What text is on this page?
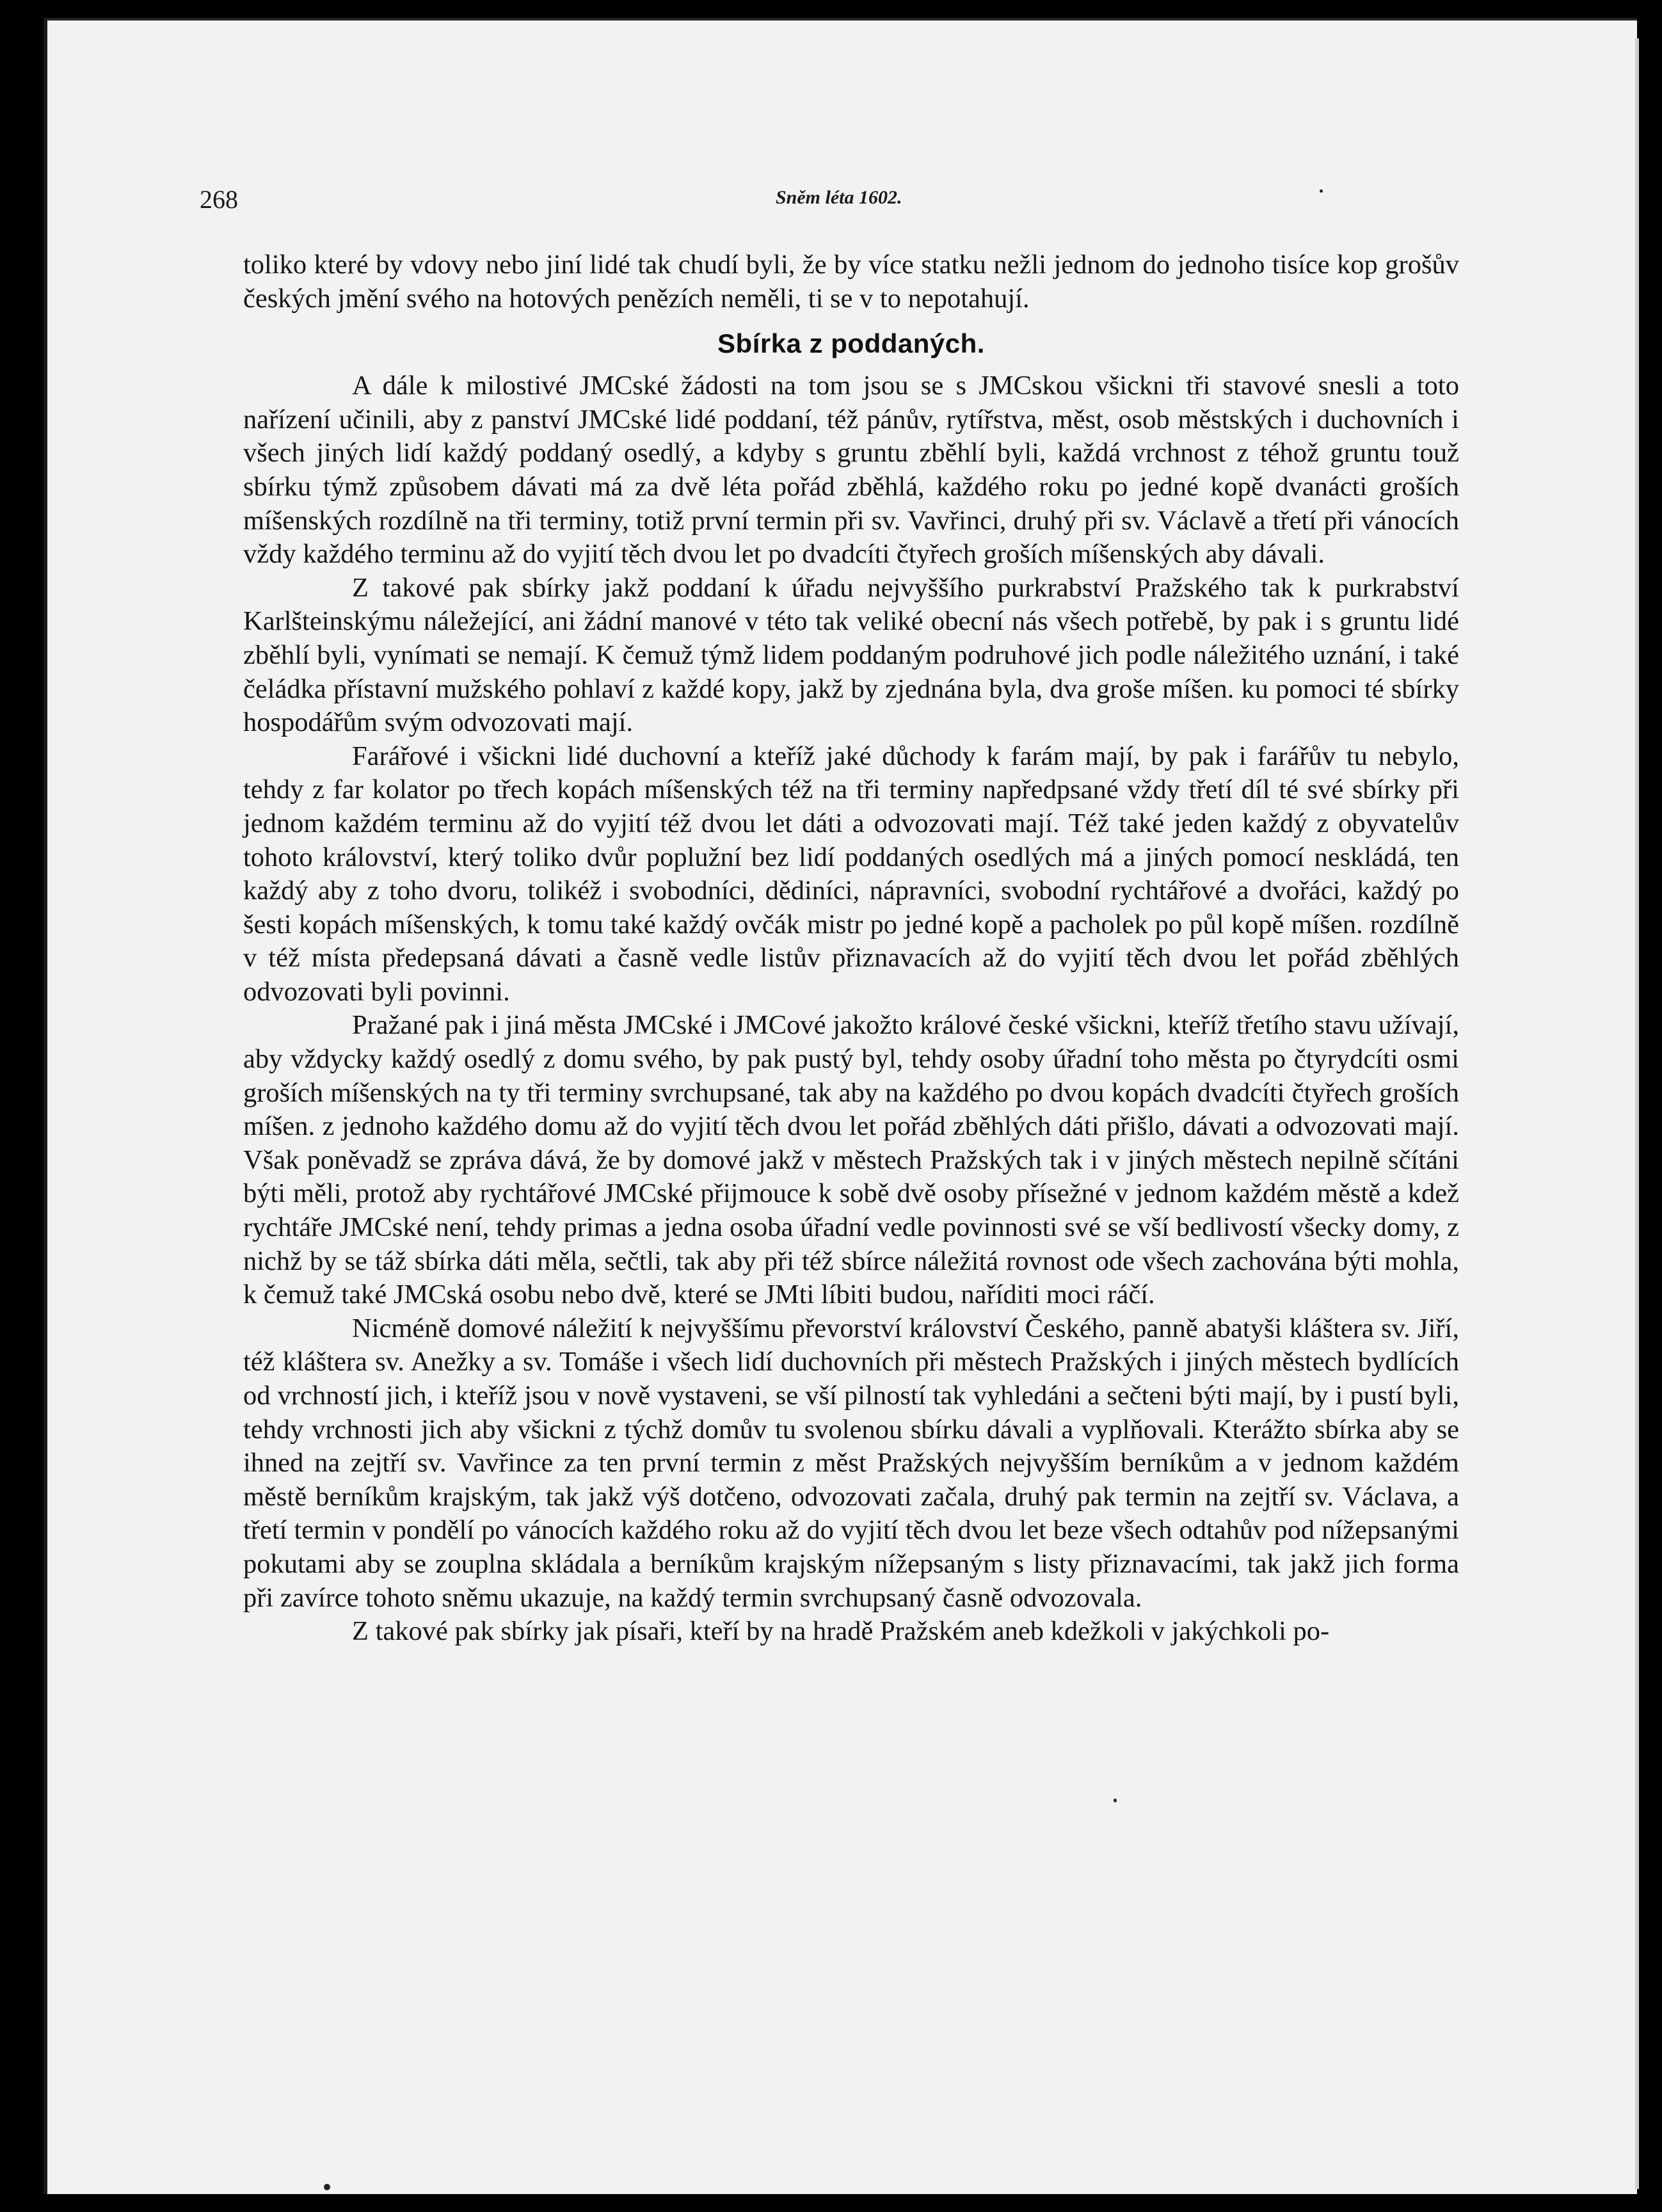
268	Sněm léta 1602.

toliko které by vdovy nebo jiní lidé tak chudí byli, že by více statku nežli jednom do jednoho tisíce kop grošův českých jmění svého na hotových penězích neměli, ti se v to nepotahují.

Sbírka z poddaných.

A dále k milostivé JMCské žádosti na tom jsou se s JMCskou všickni tři stavové snesli a toto nařízení učinili, aby z panství JMCské lidé poddaní, též pánův, rytířstva, měst, osob městských i duchovních i všech jiných lidí každý poddaný osedlý, a kdyby s gruntu zběhlí byli, každá vrchnost z téhož gruntu touž sbírku týmž způsobem dávati má za dvě léta pořád zběhlá, každého roku po jedné kopě dvanácti groších míšenských rozdílně na tři terminy, totiž první termin při sv. Vavřinci, druhý při sv. Václavě a třetí při vánocích vždy každého terminu až do vyjití těch dvou let po dvadcíti čtyřech groších míšenských aby dávali.

Z takové pak sbírky jakž poddaní k úřadu nejvyššího purkrabství Pražského tak k purkrabství Karlšteinskýmu náležející, ani žádní manové v této tak veliké obecní nás všech potřebě, by pak i s gruntu lidé zběhlí byli, vynímati se nemají. K čemuž týmž lidem poddaným podruhové jich podle náležitého uznání, i také čeládka přístavní mužského pohlaví z každé kopy, jakž by zjednána byla, dva groše míšen. ku pomoci té sbírky hospodářům svým odvozovati mají.

Farářové i všickni lidé duchovní a kteříž jaké důchody k farám mají, by pak i farářův tu nebylo, tehdy z far kolator po třech kopách míšenských též na tři terminy napředpsané vždy třetí díl té své sbírky při jednom každém terminu až do vyjití též dvou let dáti a odvozovati mají. Též také jeden každý z obyvatelův tohoto království, který toliko dvůr poplužní bez lidí poddaných osedlých má a jiných pomocí neskládá, ten každý aby z toho dvoru, tolikéž i svobodníci, dědiníci, nápravníci, svobodní rychtářové a dvořáci, každý po šesti kopách míšenských, k tomu také každý ovčák mistr po jedné kopě a pacholek po půl kopě míšen. rozdílně v též místa předepsaná dávati a časně vedle listův přiznavacích až do vyjití těch dvou let pořád zběhlých odvozovati byli povinni.

Pražané pak i jiná města JMCské i JMCové jakožto králové české všickni, kteříž třetího stavu užívají, aby vždycky každý osedlý z domu svého, by pak pustý byl, tehdy osoby úřadní toho města po čtyrydcíti osmi groších míšenských na ty tři terminy svrchupsané, tak aby na každého po dvou kopách dvadcíti čtyřech groších míšen. z jednoho každého domu až do vyjití těch dvou let pořád zběhlých dáti přišlo, dávati a odvozovati mají. Však poněvadž se zpráva dává, že by domové jakž v městech Pražských tak i v jiných městech nepilně sčítáni býti měli, protož aby rychtářové JMCské přijmouce k sobě dvě osoby přísežné v jednom každém městě a kdež rychtáře JMCské není, tehdy primas a jedna osoba úřadní vedle povinnosti své se vší bedlivostí všecky domy, z nichž by se táž sbírka dáti měla, sečtli, tak aby při též sbírce náležitá rovnost ode všech zachována býti mohla, k čemuž také JMCská osobu nebo dvě, které se JMti líbiti budou, naříditi moci ráčí.

Nicméně domové náležití k nejvyššímu převorství království Českého, panně abatyši kláštera sv. Jiří, též kláštera sv. Anežky a sv. Tomáše i všech lidí duchovních při městech Pražských i jiných městech bydlících od vrchností jich, i kteříž jsou v nově vystaveni, se vší pilností tak vyhledáni a sečteni býti mají, by i pustí byli, tehdy vrchnosti jich aby všickni z týchž domův tu svolenou sbírku dávali a vyplňovali. Kterážto sbírka aby se ihned na zejtří sv. Vavřince za ten první termin z měst Pražských nejvyšším berníkům a v jednom každém městě berníkům krajským, tak jakž výš dotčeno, odvozovati začala, druhý pak termin na zejtří sv. Václava, a třetí termin v pondělí po vánocích každého roku až do vyjití těch dvou let beze všech odtahův pod nížepsanými pokutami aby se zouplna skládala a berníkům krajským nížepsaným s listy přiznavacími, tak jakž jich forma při zavírce tohoto sněmu ukazuje, na každý termin svrchupsaný časně odvozovala.

Z takové pak sbírky jak písaři, kteří by na hradě Pražském aneb kdežkoli v jakýchkoli po-
